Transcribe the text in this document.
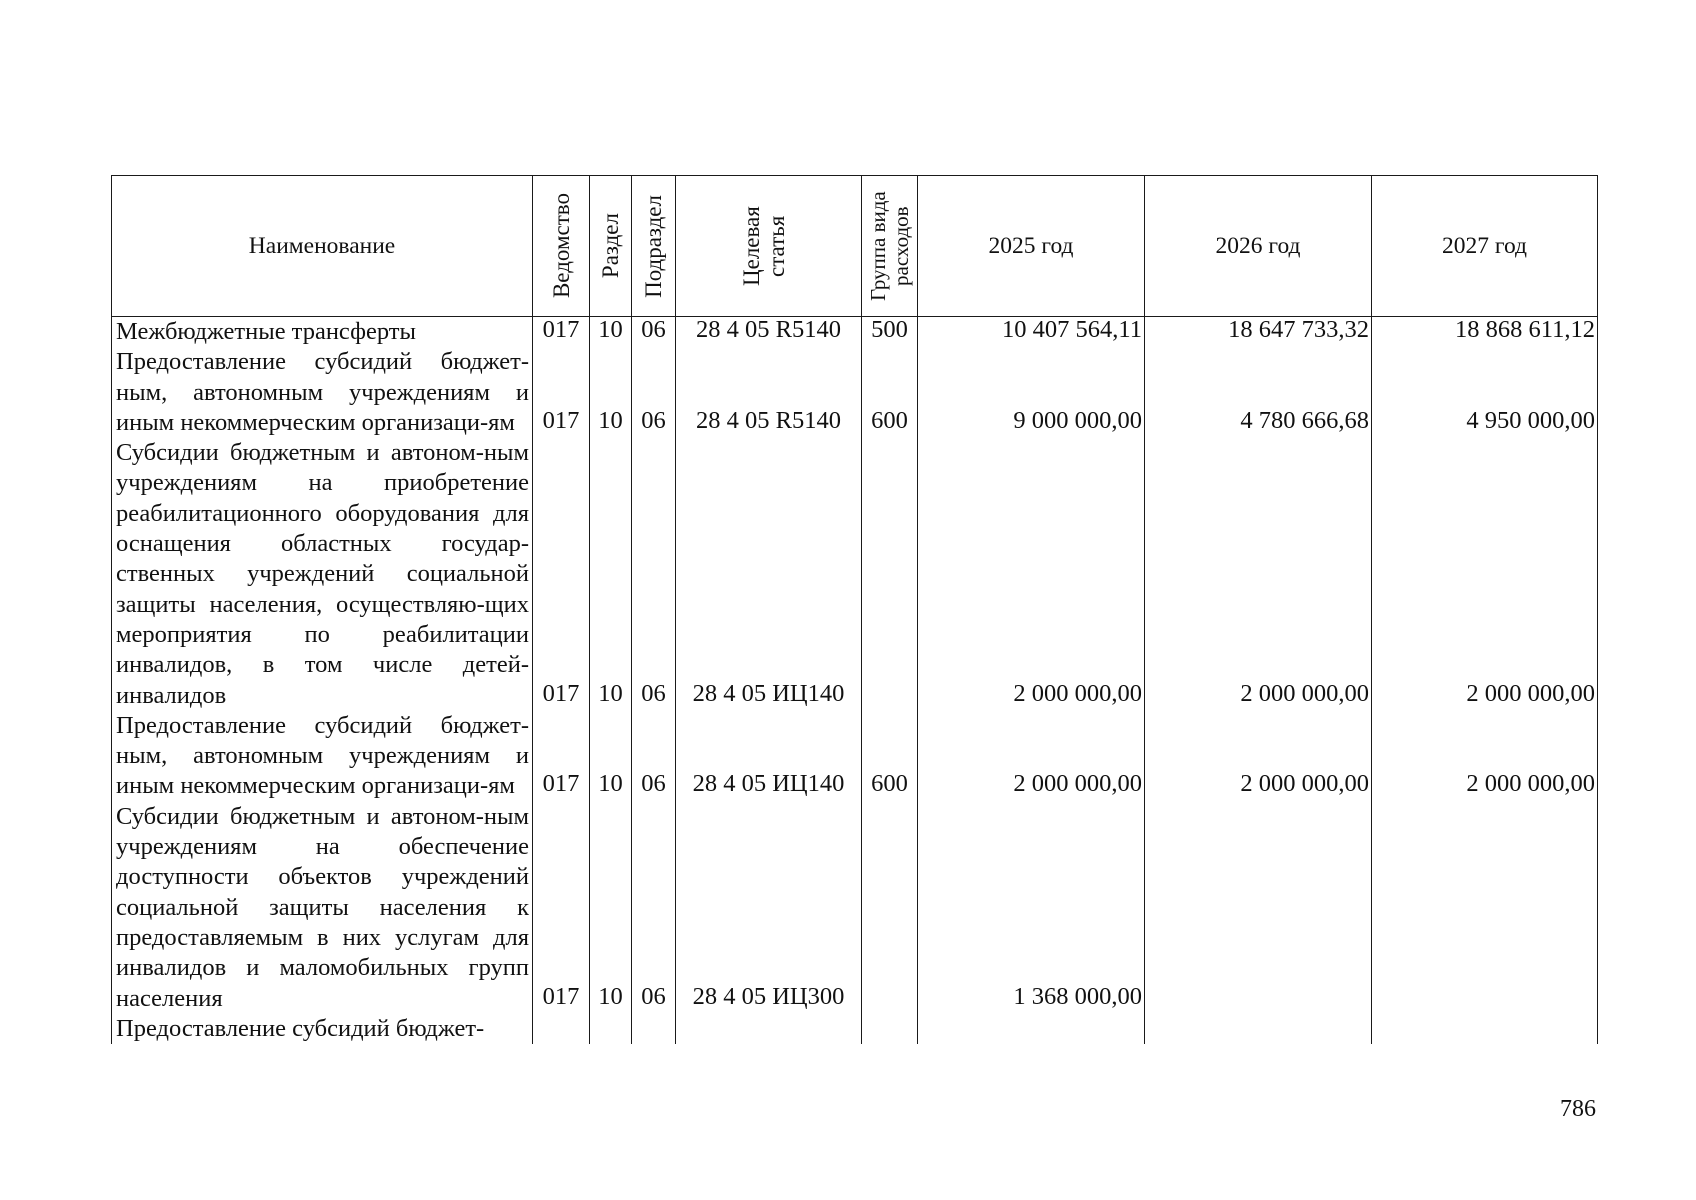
Наименование	Ведомство	Раздел	Подраздел	Целевая статья	Группа вида расходов	2025 год	2026 год	2027 год
Межбюджетные трансферты	017	10	06	28 4 05 R5140	500	10 407 564,11	18 647 733,32	18 868 611,12

Предоставление субсидий бюджет-ным, автономным учреждениям и иным некоммерческим организаци-ям	017	10	06	28 4 05 R5140	600	9 000 000,00	4 780 666,68	4 950 000,00

Субсидии бюджетным и автоном-ным учреждениям на приобретение реабилитационного оборудования для оснащения областных государ-ственных учреждений социальной защиты населения, осуществляю-щих мероприятия по реабилитации инвалидов, в том числе детей-инвалидов	017	10	06	28 4 05 ИЦ140		2 000 000,00	2 000 000,00	2 000 000,00

Предоставление субсидий бюджет-ным, автономным учреждениям и иным некоммерческим организаци-ям	017	10	06	28 4 05 ИЦ140	600	2 000 000,00	2 000 000,00	2 000 000,00

Субсидии бюджетным и автоном-ным учреждениям на обеспечение доступности объектов учреждений социальной защиты населения к предоставляемым в них услугам для инвалидов и маломобильных групп населения	017	10	06	28 4 05 ИЦ300		1 368 000,00		

Предоставление субсидий бюджет-	

786
